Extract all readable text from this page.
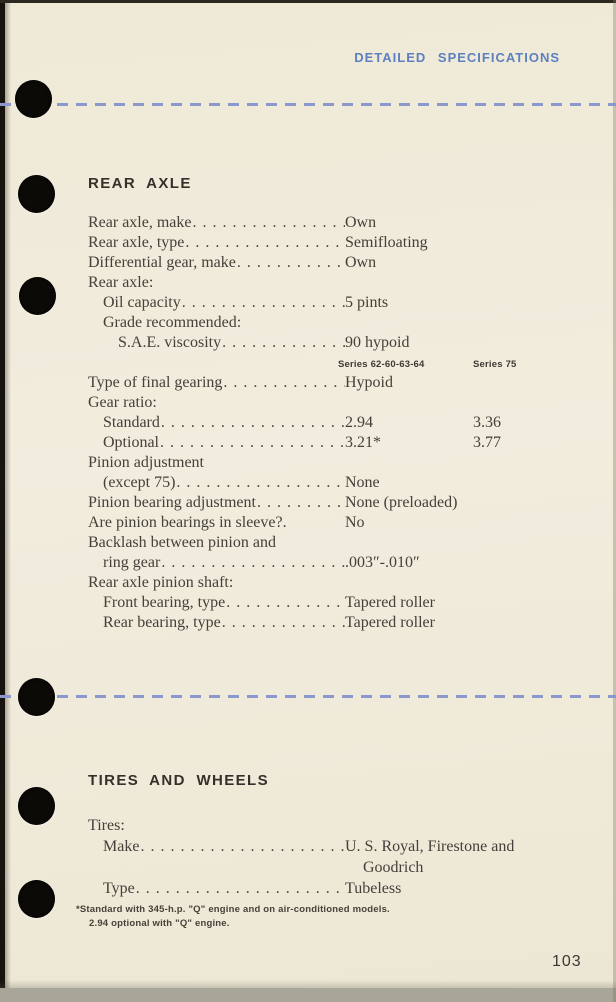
DETAILED SPECIFICATIONS
REAR AXLE
Rear axle, make . . .	Own
Rear axle, type . . .	Semifloating
Differential gear, make . . .	Own
Rear axle:
Oil capacity . . .	5 pints
Grade recommended:
S.A.E. viscosity . . .	90 hypoid
Series 62-60-63-64	Series 75
Type of final gearing . . .	Hypoid
Gear ratio:
Standard . . .	2.94	3.36
Optional . . .	3.21*	3.77
Pinion adjustment
(except 75) . . .	None
Pinion bearing adjustment . . .	None (preloaded)
Are pinion bearings in sleeve?.	No
Backlash between pinion and
ring gear . . .	.003″-.010″
Rear axle pinion shaft:
Front bearing, type . . .	Tapered roller
Rear bearing, type . . .	Tapered roller
TIRES AND WHEELS
Tires:
Make . . .	U. S. Royal, Firestone and
Goodrich
Type . . .	Tubeless
*Standard with 345-h.p. "Q" engine and on air-conditioned models.
2.94 optional with "Q" engine.
103
